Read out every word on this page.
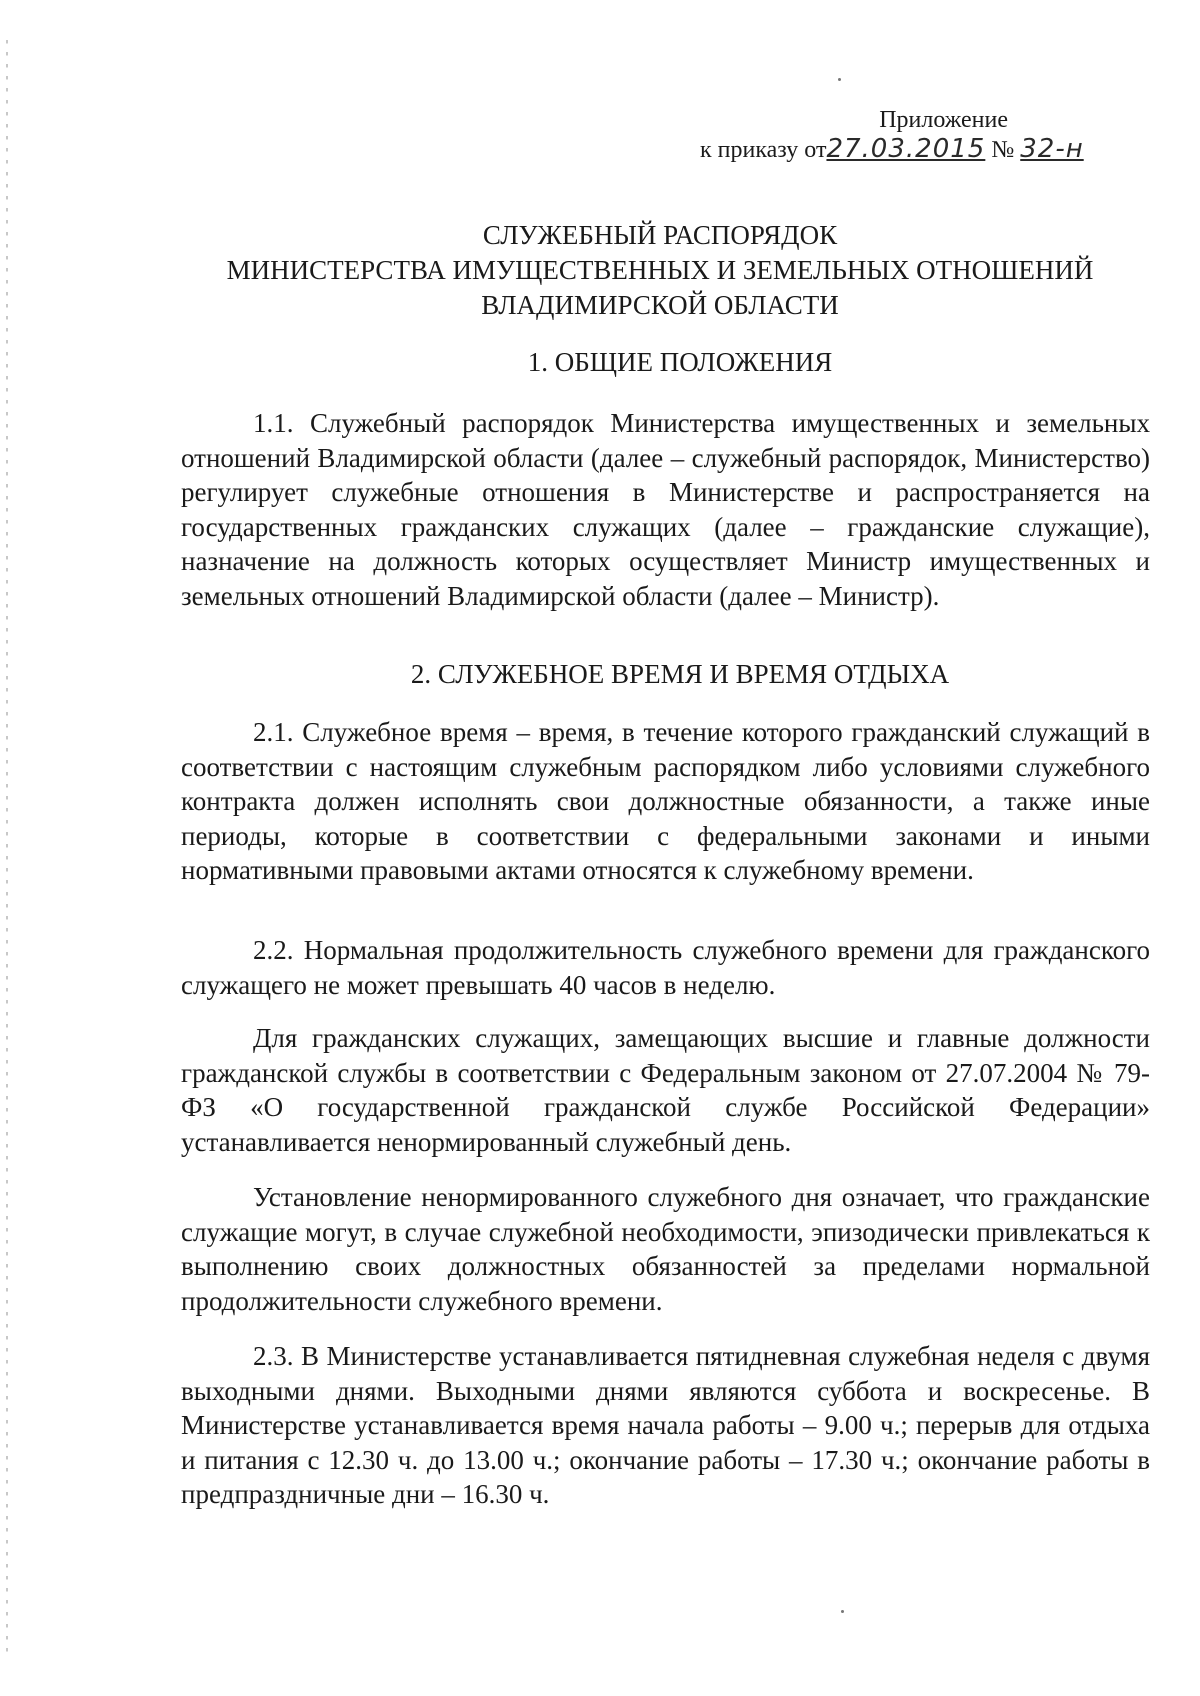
Приложение
к приказу от27.03.2015 № 32-н
СЛУЖЕБНЫЙ РАСПОРЯДОК
МИНИСТЕРСТВА ИМУЩЕСТВЕННЫХ И ЗЕМЕЛЬНЫХ ОТНОШЕНИЙ
ВЛАДИМИРСКОЙ ОБЛАСТИ
1. ОБЩИЕ ПОЛОЖЕНИЯ
1.1. Служебный распорядок Министерства имущественных и земельных отношений Владимирской области (далее – служебный распорядок, Министерство) регулирует служебные отношения в Министерстве и распространяется на государственных гражданских служащих (далее – гражданские служащие), назначение на должность которых осуществляет Министр имущественных и земельных отношений Владимирской области (далее – Министр).
2. СЛУЖЕБНОЕ ВРЕМЯ И ВРЕМЯ ОТДЫХА
2.1. Служебное время – время, в течение которого гражданский служащий в соответствии с настоящим служебным распорядком либо условиями служебного контракта должен исполнять свои должностные обязанности, а также иные периоды, которые в соответствии с федеральными законами и иными нормативными правовыми актами относятся к служебному времени.
2.2. Нормальная продолжительность служебного времени для гражданского служащего не может превышать 40 часов в неделю.
Для гражданских служащих, замещающих высшие и главные должности гражданской службы в соответствии с Федеральным законом от 27.07.2004 № 79-ФЗ «О государственной гражданской службе Российской Федерации» устанавливается ненормированный служебный день.
Установление ненормированного служебного дня означает, что гражданские служащие могут, в случае служебной необходимости, эпизодически привлекаться к выполнению своих должностных обязанностей за пределами нормальной продолжительности служебного времени.
2.3. В Министерстве устанавливается пятидневная служебная неделя с двумя выходными днями. Выходными днями являются суббота и воскресенье. В Министерстве устанавливается время начала работы – 9.00 ч.; перерыв для отдыха и питания с 12.30 ч. до 13.00 ч.; окончание работы – 17.30 ч.; окончание работы в предпраздничные дни – 16.30 ч.
